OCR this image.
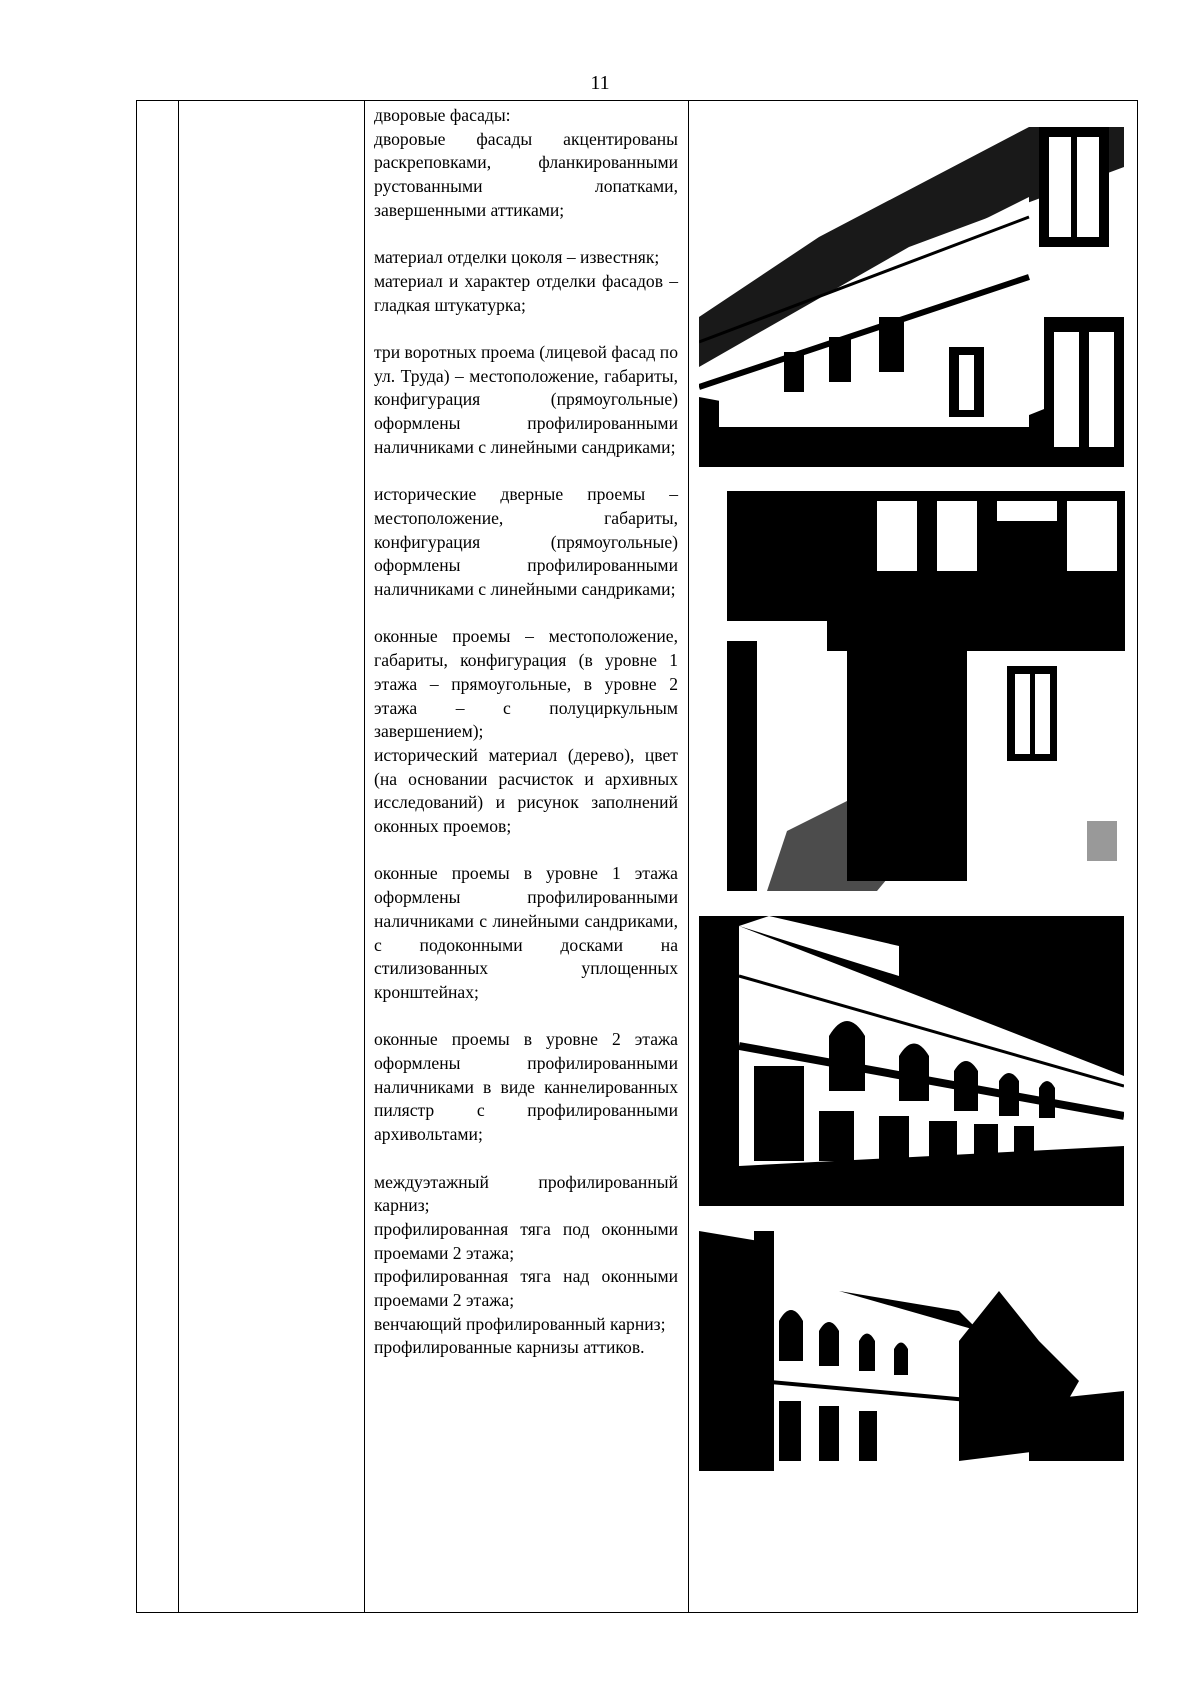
11

дворовые фасады:
дворовые фасады акцентированы раскреповками, фланкированными рустованными лопатками, завершенными аттиками;

материал отделки цоколя – известняк;
материал и характер отделки фасадов – гладкая штукатурка;

три воротных проема (лицевой фасад по ул. Труда) – местоположение, габариты, конфигурация (прямоугольные) оформлены профилированными наличниками с линейными сандриками;

исторические дверные проемы – местоположение, габариты, конфигурация (прямоугольные) оформлены профилированными наличниками с линейными сандриками;

оконные проемы – местоположение, габариты, конфигурация (в уровне 1 этажа – прямоугольные, в уровне 2 этажа – с полуциркульным завершением);
исторический материал (дерево), цвет (на основании расчисток и архивных исследований) и рисунок заполнений оконных проемов;

оконные проемы в уровне 1 этажа оформлены профилированными наличниками с линейными сандриками, с подоконными досками на стилизованных уплощенных кронштейнах;

оконные проемы в уровне 2 этажа оформлены профилированными наличниками в виде каннелированных пилястр с профилированными архивольтами;

междуэтажный профилированный карниз;
профилированная тяга под оконными проемами 2 этажа;
профилированная тяга над оконными проемами 2 этажа;
венчающий профилированный карниз;
профилированные карнизы аттиков.
